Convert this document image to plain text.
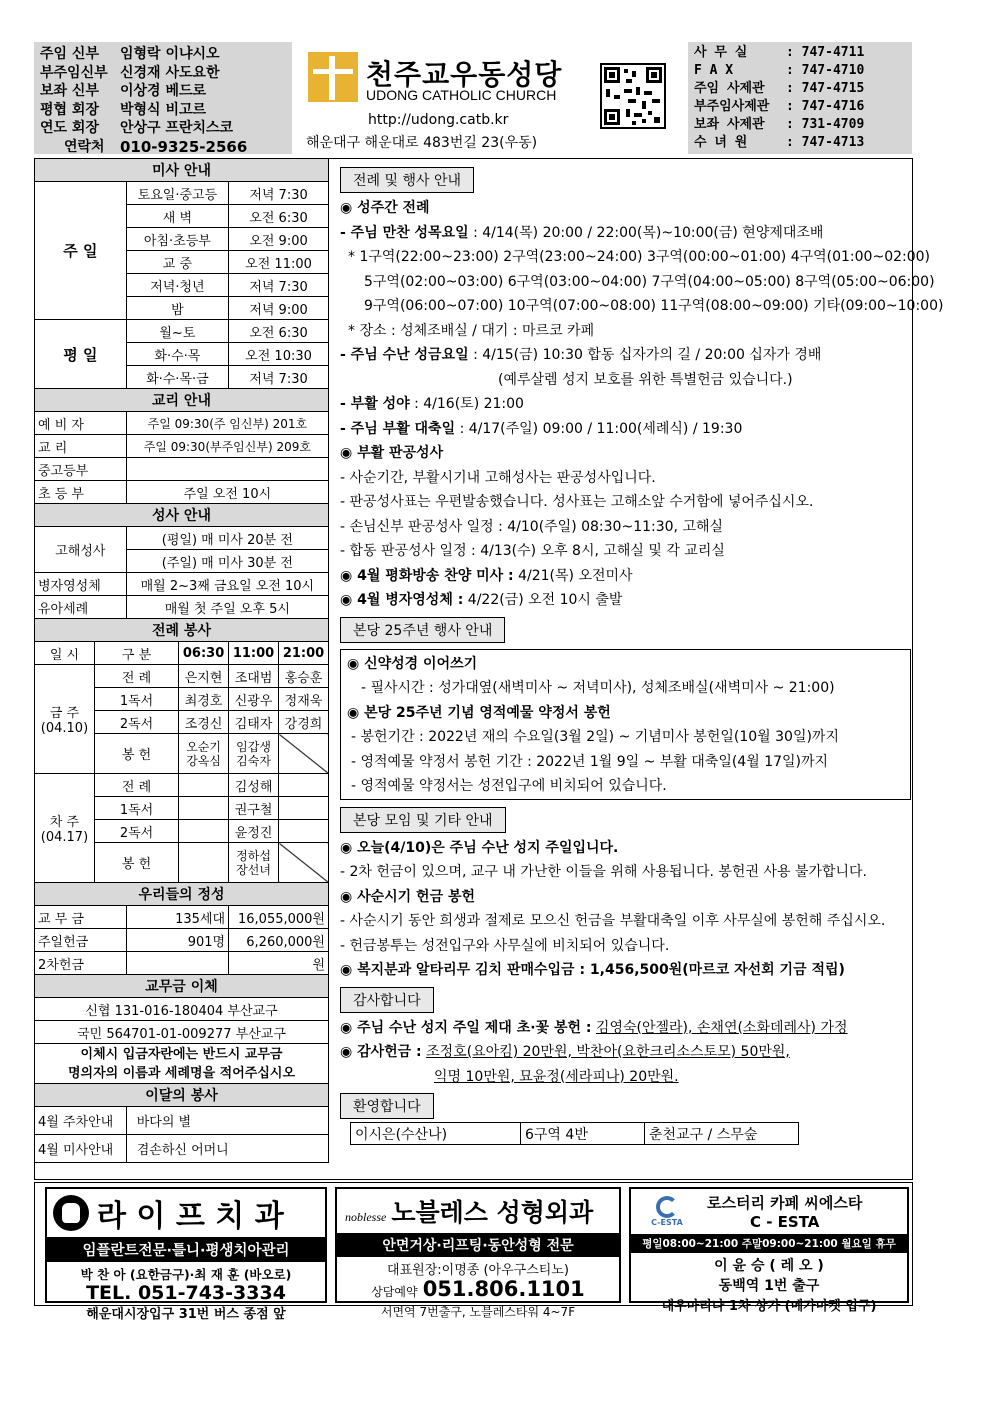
주임 신부	임형락 이냐시오
부주임신부 신경재 사도요한
보좌 신부	이상경 베드로
평협 회장	박형식 비고르
연도 회장	안상구 프란치스코
연락처	010-9325-2566
천주교우동성당
UDONG CATHOLIC CHURCH
http://udong.catb.kr
해운대구 해운대로 483번길 23(우동)
사 무 실	: 747-4711
F A X	: 747-4710
주임 사제관	: 747-4715
부주임사제관	: 747-4716
보좌 사제관	: 731-4709
수 녀 원	: 747-4713
미사 안내					
주 일		토요일·중고등		저녁 7:30	
		새 벽		오전 6:30	
		아침·초등부		오전 9:00	
		교 중		오전 11:00	
		저녁·청년		저녁 7:30	
		밤		저녁 9:00	
평 일		월~토		오전 6:30	
		화·수·목		오전 10:30	
		화·수·목·금		저녁 7:30	
교리 안내					
예 비 자		주일 09:30(주 임신부) 201호			
교 리		주일 09:30(부주임신부) 209호			
중고등부					
초 등 부		주일 오전 10시			
성사 안내					
고해성사		(평일) 매 미사 20분 전			
		(주일) 매 미사 30분 전			
병자영성체		매월 2~3째 금요일 오전 10시			
유아세례		매월 첫 주일 오후 5시			
전례 봉사					
일 시	구 분		06:30	11:00	21:00
금 주
(04.10)	전 례		은지현	조대범	홍승훈
	1독서		최경호	신광우	정재욱
	2독서		조경신	김태자	강경희
	봉 헌		오순기 강옥심	임갑생 김숙자	
차 주
(04.17)	전 례			김성해	
	1독서			권구철	
	2독서			윤정진	
	봉 헌			정하섭 장선녀	
우리들의 정성					
교 무 금		135세대		16,055,000원	
주일헌금		901명		6,260,000원	
2차헌금				원	
교무금 이체					
신협 131-016-180404 부산교구					
국민 564701-01-009277 부산교구					
이체시 입금자란에는 반드시 교무금
명의자의 이름과 세례명을 적어주십시오					
이달의 봉사					
4월 주차안내		바다의 별			
4월 미사안내		겸손하신 어머니			
전례 및 행사 안내
◉ 성주간 전례
- 주님 만찬 성목요일 : 4/14(목) 20:00 / 22:00(목)~10:00(금) 현양제대조배
* 1구역(22:00~23:00) 2구역(23:00~24:00) 3구역(00:00~01:00) 4구역(01:00~02:00)
5구역(02:00~03:00) 6구역(03:00~04:00) 7구역(04:00~05:00) 8구역(05:00~06:00)
9구역(06:00~07:00) 10구역(07:00~08:00) 11구역(08:00~09:00) 기타(09:00~10:00)
* 장소 : 성체조배실 / 대기 : 마르코 카페
- 주님 수난 성금요일 : 4/15(금) 10:30 합동 십자가의 길 / 20:00 십자가 경배
(예루살렘 성지 보호를 위한 특별헌금 있습니다.)
- 부활 성야 : 4/16(토) 21:00
- 주님 부활 대축일 : 4/17(주일) 09:00 / 11:00(세례식) / 19:30
◉ 부활 판공성사
- 사순기간, 부활시기내 고해성사는 판공성사입니다.
- 판공성사표는 우편발송했습니다. 성사표는 고해소앞 수거함에 넣어주십시오.
- 손님신부 판공성사 일정 : 4/10(주일) 08:30~11:30, 고해실
- 합동 판공성사 일정 : 4/13(수) 오후 8시, 고해실 및 각 교리실
◉ 4월 평화방송 찬양 미사 : 4/21(목) 오전미사
◉ 4월 병자영성체 : 4/22(금) 오전 10시 출발
본당 25주년 행사 안내
◉ 신약성경 이어쓰기
- 필사시간 : 성가대옆(새벽미사 ~ 저녁미사), 성체조배실(새벽미사 ~ 21:00)
◉ 본당 25주년 기념 영적예물 약정서 봉헌
- 봉헌기간 : 2022년 재의 수요일(3월 2일) ~ 기념미사 봉헌일(10월 30일)까지
- 영적예물 약정서 봉헌 기간 : 2022년 1월 9일 ~ 부활 대축일(4월 17일)까지
- 영적예물 약정서는 성전입구에 비치되어 있습니다.
본당 모임 및 기타 안내
◉ 오늘(4/10)은 주님 수난 성지 주일입니다.
- 2차 헌금이 있으며, 교구 내 가난한 이들을 위해 사용됩니다. 봉헌권 사용 불가합니다.
◉ 사순시기 헌금 봉헌
- 사순시기 동안 희생과 절제로 모으신 헌금을 부활대축일 이후 사무실에 봉헌해 주십시오.
- 헌금봉투는 성전입구와 사무실에 비치되어 있습니다.
◉ 복지분과 알타리무 김치 판매수입금 : 1,456,500원(마르코 자선회 기금 적립)
감사합니다
◉ 주님 수난 성지 주일 제대 초·꽃 봉헌 : 김영숙(안젤라), 손채연(소화데레사) 가정
◉ 감사헌금 : 조정호(요아킴) 20만원, 박찬아(요한크리소스토모) 50만원,
익명 10만원, 묘윤정(세라피나) 20만원.
환영합니다
이시은(수산나)	6구역 4반	춘천교구 / 스무숲
라 이 프 치 과
임플란트전문·틀니·평생치아관리
박 찬 아 (요한금구)·최 재 훈 (바오로)
TEL. 051-743-3334
해운대시장입구 31번 버스 종점 앞
noblesse 노블레스 성형외과
안면거상·리프팅·동안성형 전문
대표원장:이명종 (아우구스티노)
상담예약 051.806.1101
서면역 7번출구, 노블레스타워 4~7F
C-ESTA
로스터리 카페 씨에스타
C - ESTA
평일08:00~21:00 주말09:00~21:00 월요일 휴무
이 윤 승 ( 레 오 )
동백역 1번 출구
대우마리나 1차 상가 (메가마켓 입구)
